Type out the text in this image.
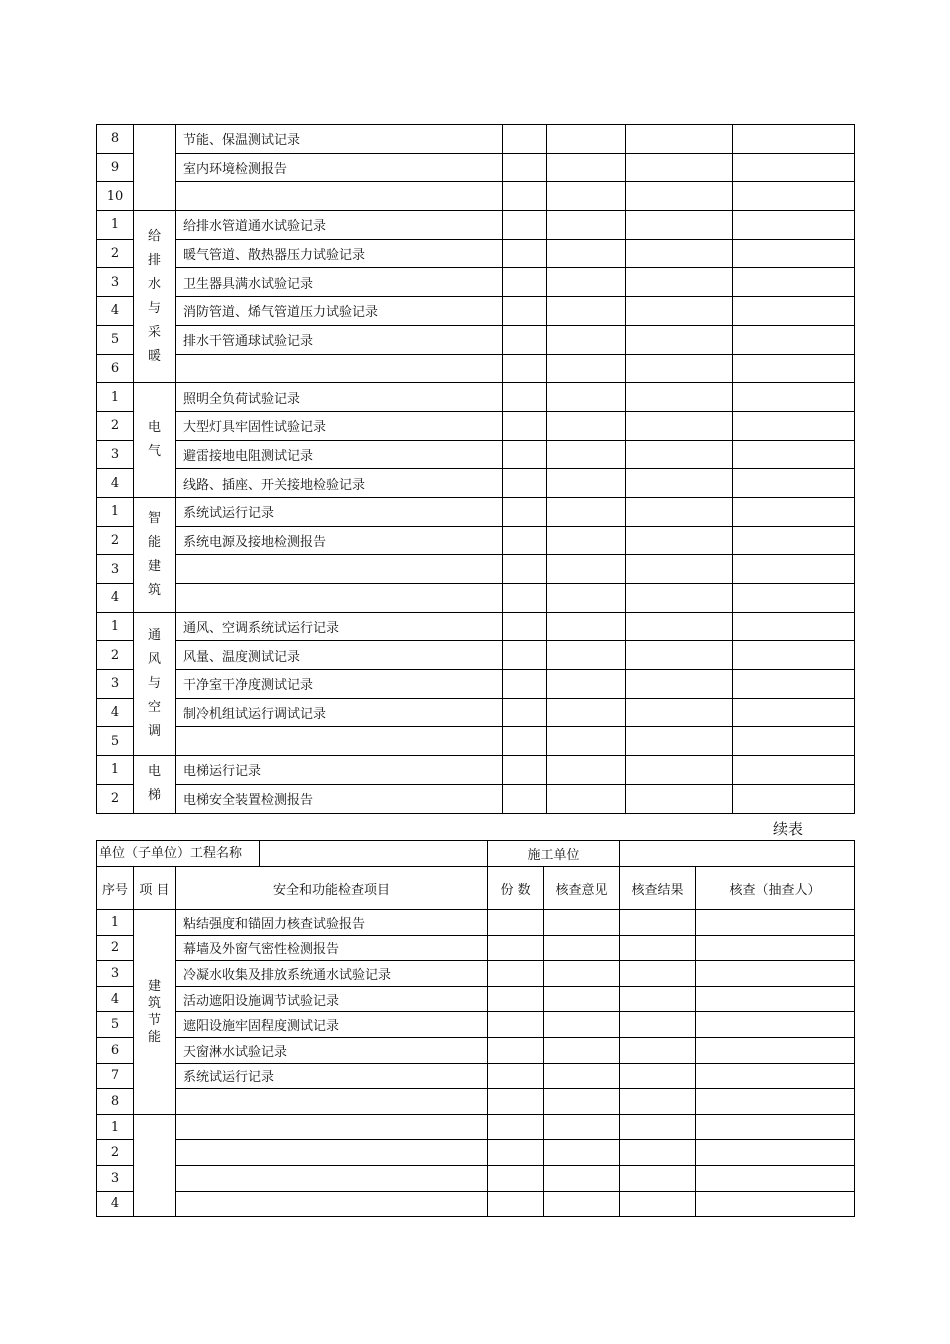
8		节能、保温测试记录				
9		室内环境检测报告				
10						
1	给排水与采暖	给排水管道通水试验记录				
2		暖气管道、散热器压力试验记录				
3		卫生器具满水试验记录				
4		消防管道、烯气管道压力试验记录				
5		排水干管通球试验记录				
6						
1	电气	照明全负荷试验记录				
2		大型灯具牢固性试验记录				
3		避雷接地电阻测试记录				
4		线路、插座、开关接地检验记录				
1	智能建筑	系统试运行记录				
2		系统电源及接地检测报告				
3						
4						
1	通风与空调	通风、空调系统试运行记录				
2		风量、温度测试记录				
3		干净室干净度测试记录				
4		制冷机组试运行调试记录				
5						
1	电梯	电梯运行记录				
2		电梯安全装置检测报告				
续表
单位（子单位）工程名称			施工单位			
序号	项 目	安全和功能检查项目	份 数	核查意见	核查结果	核查（抽查人）
1	建筑节能	粘结强度和锚固力核查试验报告				
2		幕墙及外窗气密性检测报告				
3		冷凝水收集及排放系统通水试验记录				
4		活动遮阳设施调节试验记录				
5		遮阳设施牢固程度测试记录				
6		天窗淋水试验记录				
7		系统试运行记录				
8						
1						
2						
3						
4						
